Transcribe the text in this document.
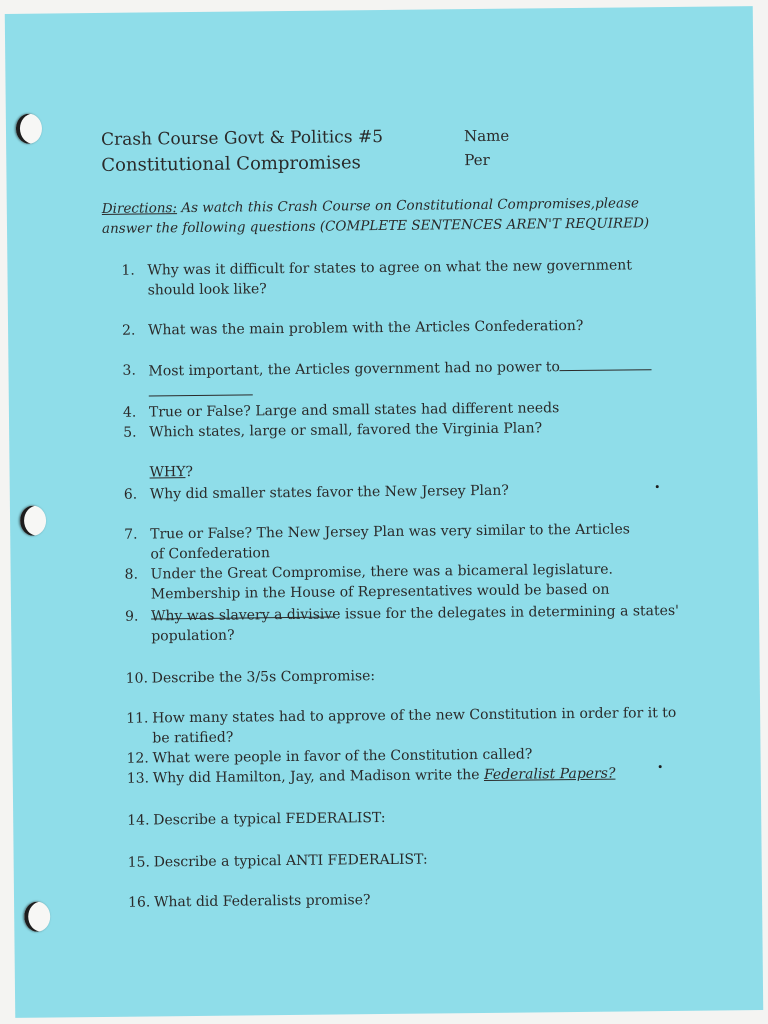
Crash Course Govt & Politics #5
Constitutional Compromises
Name
Per
Directions: As watch this Crash Course on Constitutional Compromises,please answer the following questions (COMPLETE SENTENCES AREN'T REQUIRED)
1. Why was it difficult for states to agree on what the new government should look like?
2. What was the main problem with the Articles Confederation?
3. Most important, the Articles government had no power to

4. True or False? Large and small states had different needs
5. Which states, large or small, favored the Virginia Plan?

WHY?
6. Why did smaller states favor the New Jersey Plan?
7. True or False? The New Jersey Plan was very similar to the Articles of Confederation
8. Under the Great Compromise, there was a bicameral legislature. Membership in the House of Representatives would be based on
9. Why was slavery a divisive issue for the delegates in determining a states' population?
10. Describe the 3/5s Compromise:
11. How many states had to approve of the new Constitution in order for it to be ratified?
12. What were people in favor of the Constitution called?
13. Why did Hamilton, Jay, and Madison write the Federalist Papers?
14. Describe a typical FEDERALIST:
15. Describe a typical ANTI FEDERALIST:
16. What did Federalists promise?
